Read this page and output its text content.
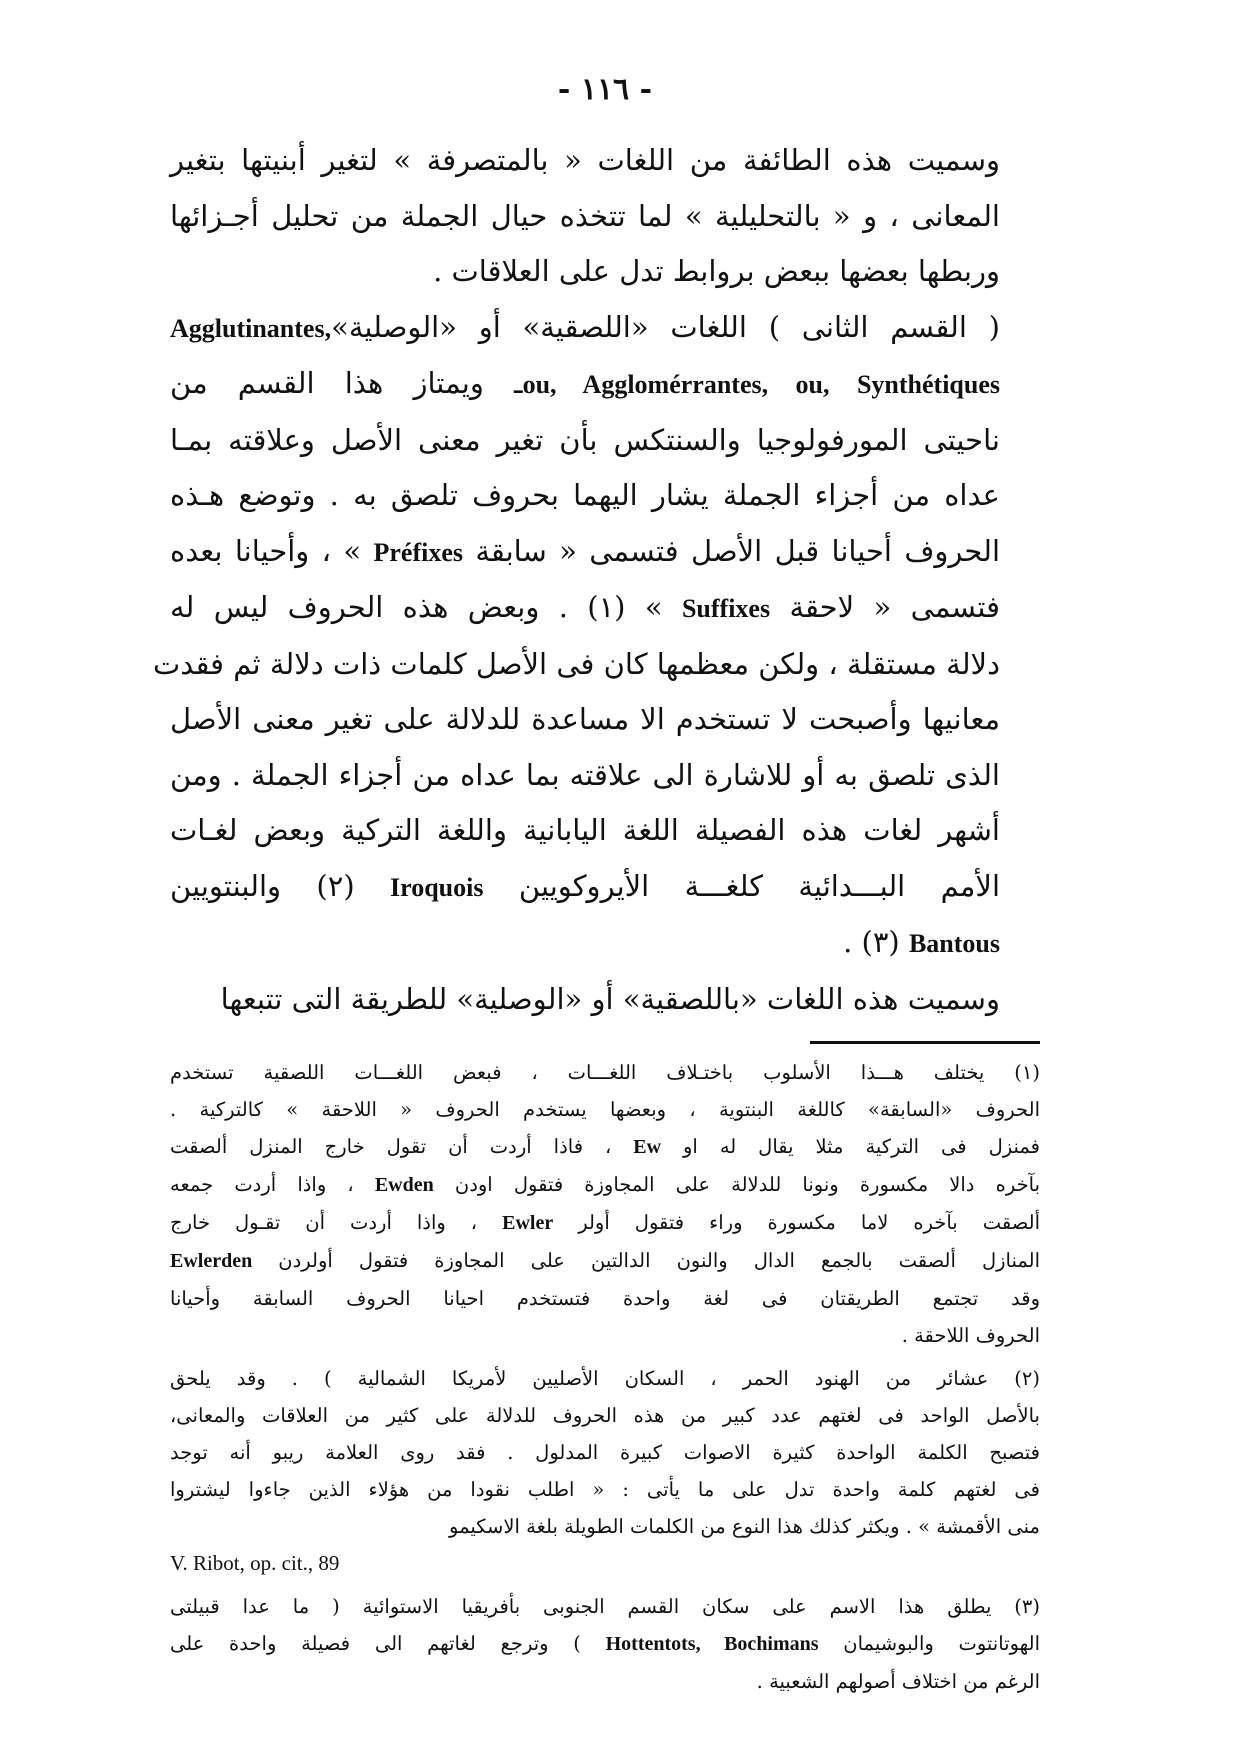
- ١١٦ -

وسميت هذه الطائفة من اللغات « بالمتصرفة » لتغير أبنيتها بتغير
المعانى ، و « بالتحليلية » لما تتخذه حيال الجملة من تحليل أجـزائها
وربطها بعضها ببعض بروابط تدل على العلاقات .

( القسم الثانى ) اللغات «اللصقية» أو «الوصلية»Agglutinantes,
ou, Agglomérrantes, ou, Synthétiquesـ ويمتاز هذا القسم من
ناحيتى المورفولوجيا والسنتكس بأن تغير معنى الأصل وعلاقته بمـا
عداه من أجزاء الجملة يشار اليهما بحروف تلصق به . وتوضع هـذه
الحروف أحيانا قبل الأصل فتسمى « سابقة Préfixes » ، وأحيانا بعده
فتسمى « لاحقة Suffixes » (١) . وبعض هذه الحروف ليس له
دلالة مستقلة ، ولكن معظمها كان فى الأصل كلمات ذات دلالة ثم فقدت
معانيها وأصبحت لا تستخدم الا مساعدة للدلالة على تغير معنى الأصل
الذى تلصق به أو للاشارة الى علاقته بما عداه من أجزاء الجملة . ومن
أشهر لغات هذه الفصيلة اللغة اليابانية واللغة التركية وبعض لغـات
الأمم البـــدائية كلغـــة الأيروكويين Iroquois (٢) والبنتويين
Bantous (٣) .

وسميت هذه اللغات «باللصقية» أو «الوصلية» للطريقة التى تتبعها

(١) يختلف هـــذا الأسلوب باختـلاف اللغـــات ، فبعض اللغـــات اللصقية تستخدم
الحروف «السابقة» كاللغة البنتوية ، وبعضها يستخدم الحروف « اللاحقة » كالتركية .
فمنزل فى التركية مثلا يقال له او Ew ، فاذا أردت أن تقول خارج المنزل ألصقت
بآخره دالا مكسورة ونونا للدلالة على المجاوزة فتقول اودن Ewden ، واذا أردت جمعه
ألصقت بآخره لاما مكسورة وراء فتقول أولر Ewler ، واذا أردت أن تقـول خارج
المنازل ألصقت بالجمع الدال والنون الدالتين على المجاوزة فتقول أولردن Ewlerden
وقد تجتمع الطريقتان فى لغة واحدة فتستخدم احيانا الحروف السابقة وأحيانا
الحروف اللاحقة .
(٢) عشائر من الهنود الحمر ، السكان الأصليين لأمريكا الشمالية ) . وقد يلحق
بالأصل الواحد فى لغتهم عدد كبير من هذه الحروف للدلالة على كثير من العلاقات والمعانى،
فتصبح الكلمة الواحدة كثيرة الاصوات كبيرة المدلول . فقد روى العلامة ريبو أنه توجد
فى لغتهم كلمة واحدة تدل على ما يأتى : « اطلب نقودا من هؤلاء الذين جاءوا ليشتروا
منى الأقمشة » . ويكثر كذلك هذا النوع من الكلمات الطويلة بلغة الاسكيمو
V. Ribot, op. cit., 89
(٣) يطلق هذا الاسم على سكان القسم الجنوبى بأفريقيا الاستوائية ( ما عدا قبيلتى
الهوتانتوت والبوشيمان Hottentots, Bochimans ) وترجع لغاتهم الى فصيلة واحدة على
الرغم من اختلاف أصولهم الشعبية .
